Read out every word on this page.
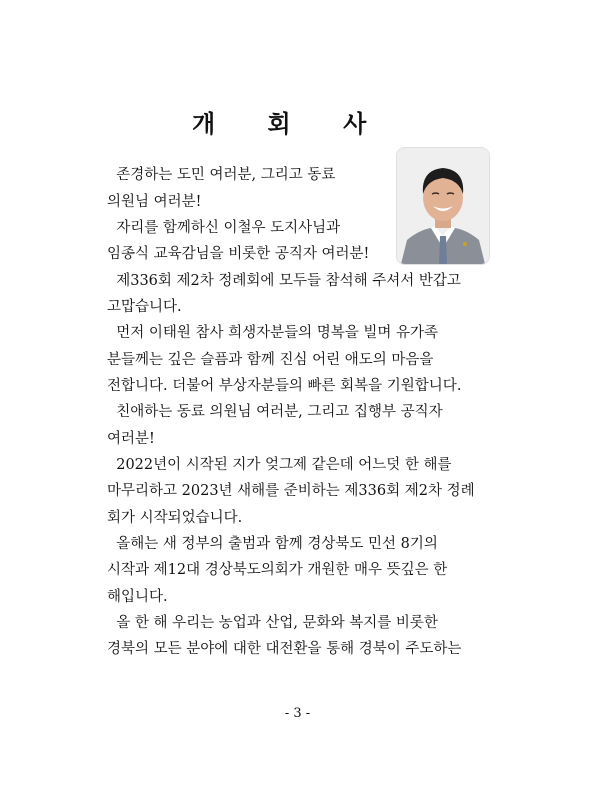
개 회 사
존경하는 도민 여러분, 그리고 동료
의원님 여러분!
자리를 함께하신 이철우 도지사님과
임종식 교육감님을 비롯한 공직자 여러분!
제336회 제2차 정례회에 모두들 참석해 주셔서 반갑고
고맙습니다.
먼저 이태원 참사 희생자분들의 명복을 빌며 유가족
분들께는 깊은 슬픔과 함께 진심 어린 애도의 마음을
전합니다. 더불어 부상자분들의 빠른 회복을 기원합니다.
친애하는 동료 의원님 여러분, 그리고 집행부 공직자
여러분!
2022년이 시작된 지가 엊그제 같은데 어느덧 한 해를
마무리하고 2023년 새해를 준비하는 제336회 제2차 정례
회가 시작되었습니다.
올해는 새 정부의 출범과 함께 경상북도 민선 8기의
시작과 제12대 경상북도의회가 개원한 매우 뜻깊은 한
해입니다.
올 한 해 우리는 농업과 산업, 문화와 복지를 비롯한
경북의 모든 분야에 대한 대전환을 통해 경북이 주도하는
- 3 -
